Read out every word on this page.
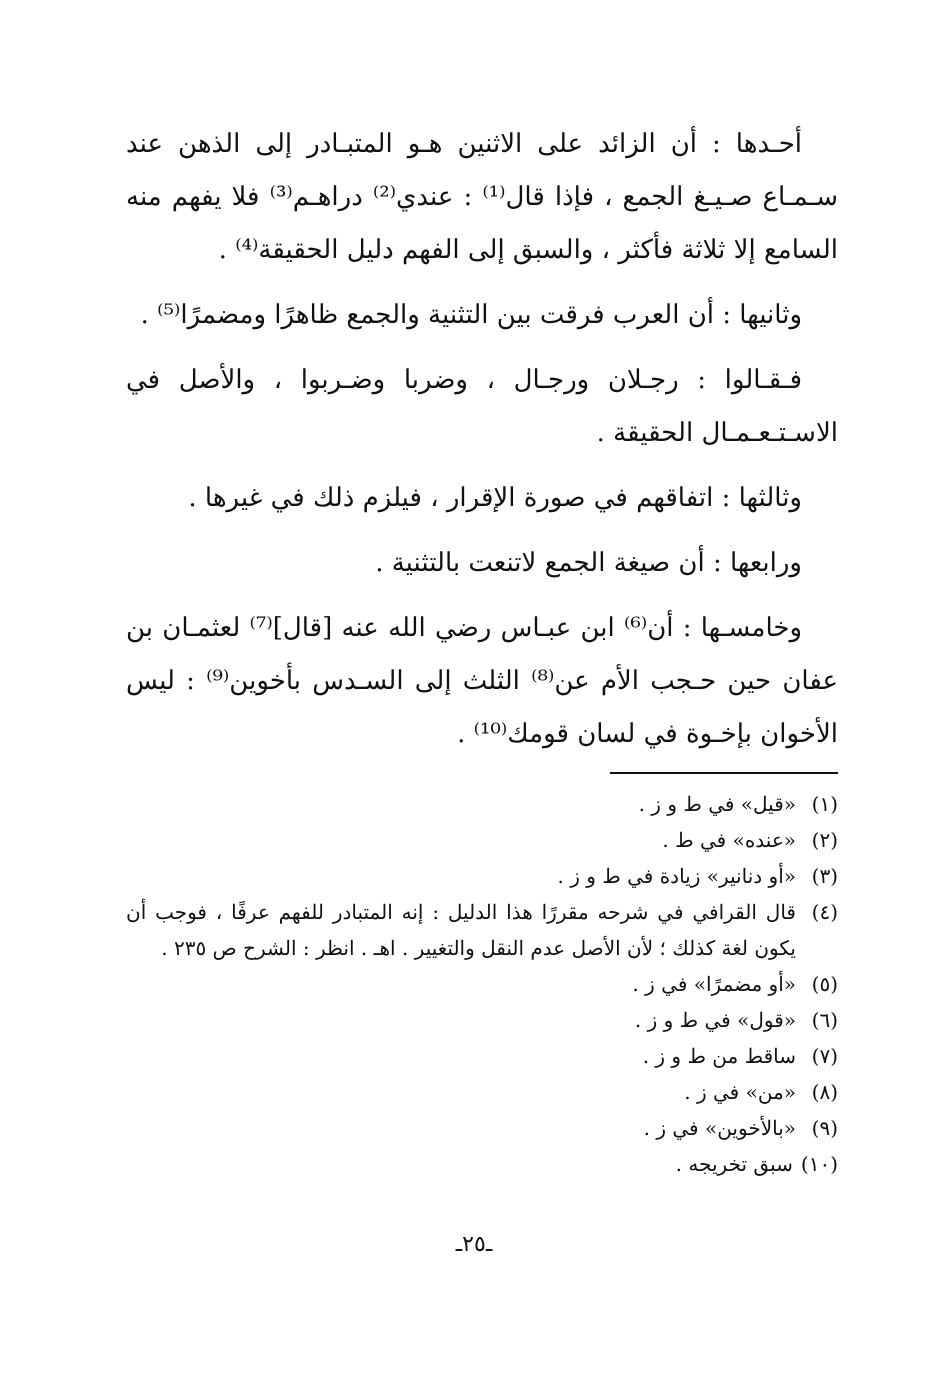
أحـدها : أن الزائد على الاثنين هـو المتبـادر إلى الذهن عند سـمـاع صـيـغ الجمع ، فإذا قال⁽¹⁾ : عندي⁽²⁾ دراهـم⁽³⁾ فلا يفهم منه السامع إلا ثلاثة فأكثر ، والسبق إلى الفهم دليل الحقيقة⁽⁴⁾ .

وثانيها : أن العرب فرقت بين التثنية والجمع ظاهرًا ومضمرًا⁽⁵⁾ .

فـقـالوا : رجـلان ورجـال ، وضربا وضـربوا ، والأصل في الاسـتـعـمـال الحقيقة .

وثالثها : اتفاقهم في صورة الإقرار ، فيلزم ذلك في غيرها .

ورابعها : أن صيغة الجمع لاتنعت بالتثنية .

وخامسـها : أن⁽⁶⁾ ابن عبـاس رضي الله عنه [قال]⁽⁷⁾ لعثمـان بن عفان حين حـجب الأم عن⁽⁸⁾ الثلث إلى السـدس بأخوين⁽⁹⁾ : ليس الأخوان بإخـوة في لسان قومك⁽¹⁰⁾ .

(١)
«قيل» في ط و ز .
(٢)
«عنده» في ط .
(٣)
«أو دنانير» زيادة في ط و ز .
(٤)
قال القرافي في شرحه مقررًا هذا الدليل : إنه المتبادر للفهم عرفًا ، فوجب أن يكون لغة كذلك ؛ لأن الأصل عدم النقل والتغيير . اهـ . انظر : الشرح ص ٢٣٥ .
(٥)
«أو مضمرًا» في ز .
(٦)
«قول» في ط و ز .
(٧)
ساقط من ط و ز .
(٨)
«من» في ز .
(٩)
«بالأخوين» في ز .
(١٠)
سبق تخريجه .
ـ٢٥ـ
